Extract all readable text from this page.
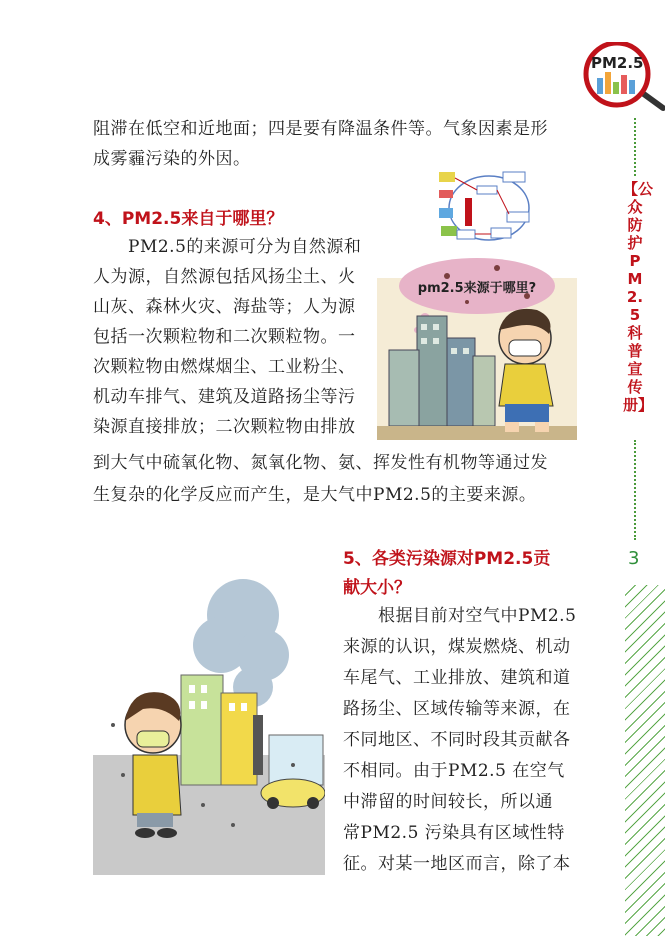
PM2.5
【公众防护PM2.5科普宣传册】
3
阻滞在低空和近地面；四是要有降温条件等。气象因素是形
成雾霾污染的外因。
4、PM2.5来自于哪里？
　　PM2.5的来源可分为自然源和
人为源，自然源包括风扬尘土、火
山灰、森林火灾、海盐等；人为源
包括一次颗粒物和二次颗粒物。一
次颗粒物由燃煤烟尘、工业粉尘、
机动车排气、建筑及道路扬尘等污
染源直接排放；二次颗粒物由排放
到大气中硫氧化物、氮氧化物、氨、挥发性有机物等通过发
生复杂的化学反应而产生，是大气中PM2.5的主要来源。
pm2.5来源于哪里?
5、各类污染源对PM2.5贡
献大小？
　　根据目前对空气中PM2.5
来源的认识，煤炭燃烧、机动
车尾气、工业排放、建筑和道
路扬尘、区域传输等来源，在
不同地区、不同时段其贡献各
不相同。由于PM2.5 在空气
中滞留的时间较长，所以通
常PM2.5 污染具有区域性特
征。对某一地区而言，除了本
